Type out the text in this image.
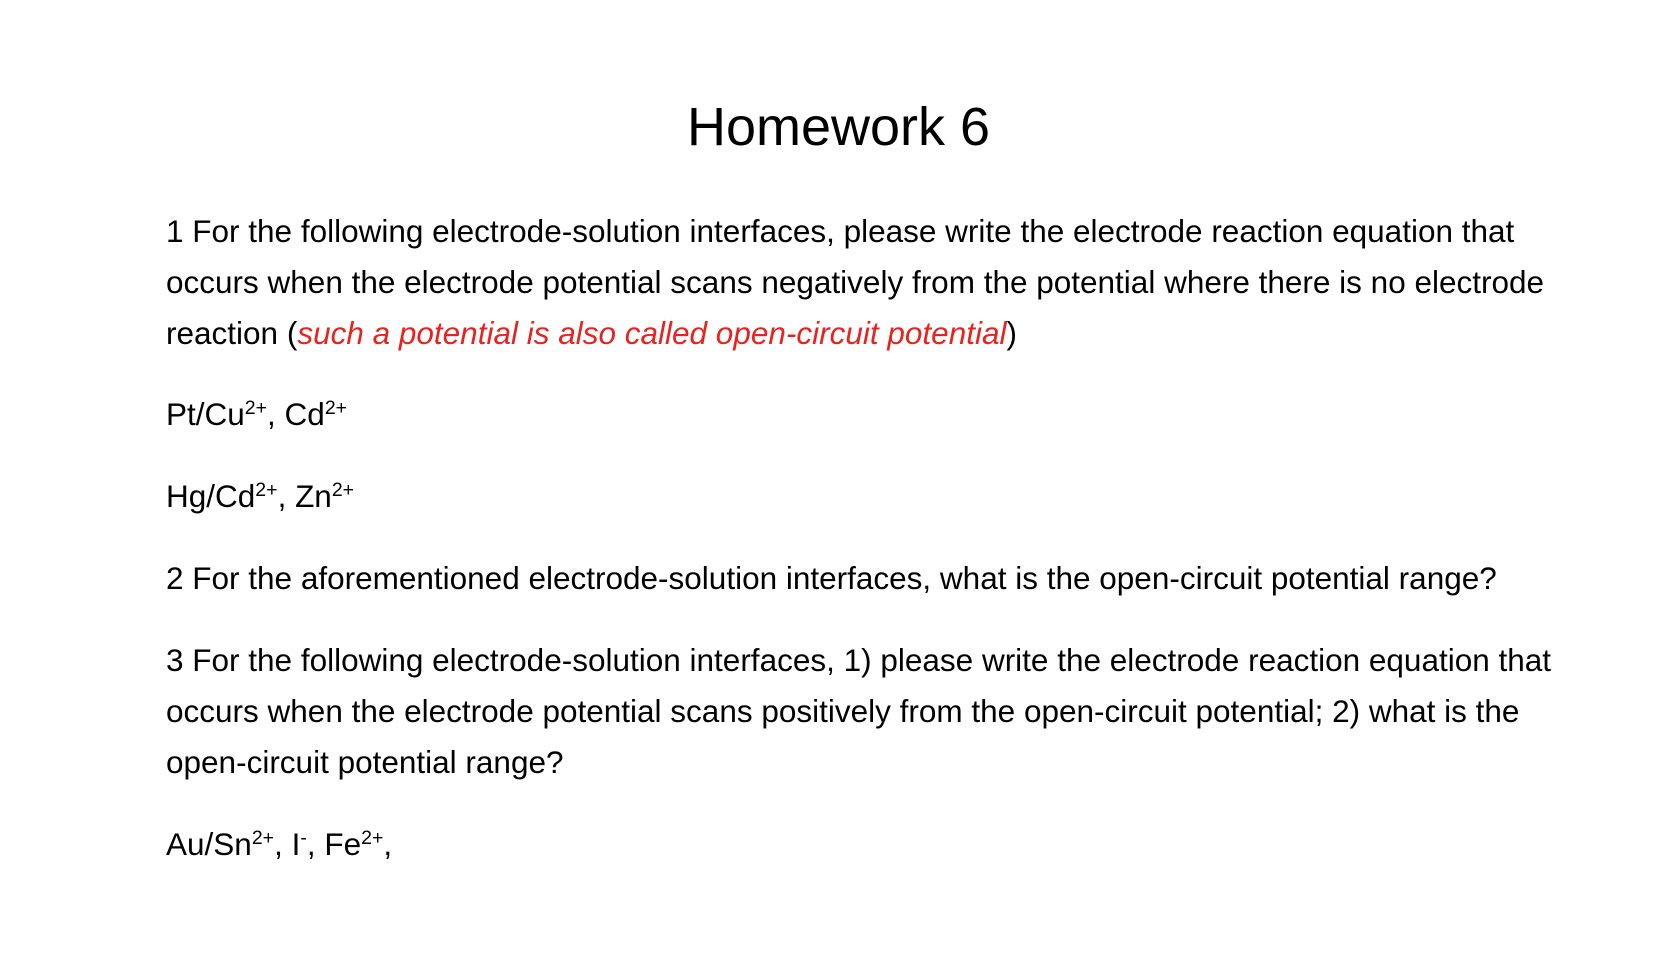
Homework 6

1 For the following electrode-solution interfaces, please write the electrode reaction equation that occurs when the electrode potential scans negatively from the potential where there is no electrode reaction (such a potential is also called open-circuit potential)

$Pt/Cu^{2+}$, $Cd^{2+}$

$Hg/Cd^{2+}$, $Zn^{2+}$

2 For the aforementioned electrode-solution interfaces, what is the open-circuit potential range?

3 For the following electrode-solution interfaces, 1) please write the electrode reaction equation that occurs when the electrode potential scans positively from the open-circuit potential; 2) what is the open-circuit potential range?

$Au/Sn^{2+}$, I-, $Fe^{2+}$,
